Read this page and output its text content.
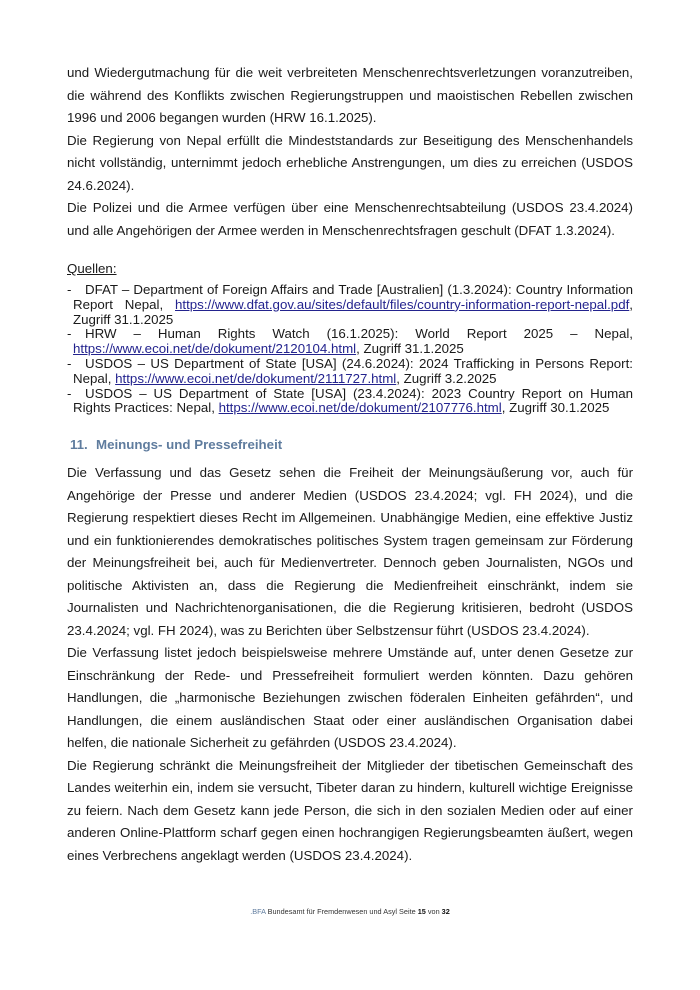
und Wiedergutmachung für die weit verbreiteten Menschenrechtsverletzungen voranzutreiben, die während des Konflikts zwischen Regierungstruppen und maoistischen Rebellen zwischen 1996 und 2006 begangen wurden (HRW 16.1.2025).

Die Regierung von Nepal erfüllt die Mindeststandards zur Beseitigung des Menschenhandels nicht vollständig, unternimmt jedoch erhebliche Anstrengungen, um dies zu erreichen (USDOS 24.6.2024).

Die Polizei und die Armee verfügen über eine Menschenrechtsabteilung (USDOS 23.4.2024) und alle Angehörigen der Armee werden in Menschenrechtsfragen geschult (DFAT 1.3.2024).

Quellen:
- DFAT – Department of Foreign Affairs and Trade [Australien] (1.3.2024): Country Information Report Nepal, https://www.dfat.gov.au/sites/default/files/country-information-report-nepal.pdf, Zugriff 31.1.2025
- HRW – Human Rights Watch (16.1.2025): World Report 2025 – Nepal, https://www.ecoi.net/de/dokument/2120104.html, Zugriff 31.1.2025
- USDOS – US Department of State [USA] (24.6.2024): 2024 Trafficking in Persons Report: Nepal, https://www.ecoi.net/de/dokument/2111727.html, Zugriff 3.2.2025
- USDOS – US Department of State [USA] (23.4.2024): 2023 Country Report on Human Rights Practices: Nepal, https://www.ecoi.net/de/dokument/2107776.html, Zugriff 30.1.2025
11. Meinungs- und Pressefreiheit

Die Verfassung und das Gesetz sehen die Freiheit der Meinungsäußerung vor, auch für Angehörige der Presse und anderer Medien (USDOS 23.4.2024; vgl. FH 2024), und die Regierung respektiert dieses Recht im Allgemeinen. Unabhängige Medien, eine effektive Justiz und ein funktionierendes demokratisches politisches System tragen gemeinsam zur Förderung der Meinungsfreiheit bei, auch für Medienvertreter. Dennoch geben Journalisten, NGOs und politische Aktivisten an, dass die Regierung die Medienfreiheit einschränkt, indem sie Journalisten und Nachrichtenorganisationen, die die Regierung kritisieren, bedroht (USDOS 23.4.2024; vgl. FH 2024), was zu Berichten über Selbstzensur führt (USDOS 23.4.2024).

Die Verfassung listet jedoch beispielsweise mehrere Umstände auf, unter denen Gesetze zur Einschränkung der Rede- und Pressefreiheit formuliert werden könnten. Dazu gehören Handlungen, die „harmonische Beziehungen zwischen föderalen Einheiten gefährden“, und Handlungen, die einem ausländischen Staat oder einer ausländischen Organisation dabei helfen, die nationale Sicherheit zu gefährden (USDOS 23.4.2024).

Die Regierung schränkt die Meinungsfreiheit der Mitglieder der tibetischen Gemeinschaft des Landes weiterhin ein, indem sie versucht, Tibeter daran zu hindern, kulturell wichtige Ereignisse zu feiern. Nach dem Gesetz kann jede Person, die sich in den sozialen Medien oder auf einer anderen Online-Plattform scharf gegen einen hochrangigen Regierungsbeamten äußert, wegen eines Verbrechens angeklagt werden (USDOS 23.4.2024).

.BFA Bundesamt für Fremdenwesen und Asyl Seite 15 von 32
